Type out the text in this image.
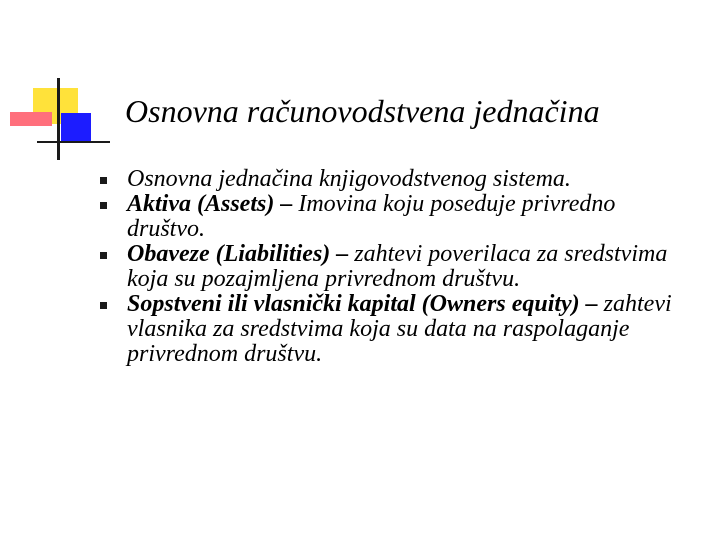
Osnovna računovodstvena jednačina
Osnovna jednačina knjigovodstvenog sistema.
Aktiva (Assets) – Imovina koju poseduje privredno društvo.
Obaveze (Liabilities) – zahtevi poverilaca za sredstvima koja su pozajmljena privrednom društvu.
Sopstveni ili vlasnički kapital (Owners equity) – zahtevi vlasnika za sredstvima koja su data na raspolaganje privrednom društvu.
